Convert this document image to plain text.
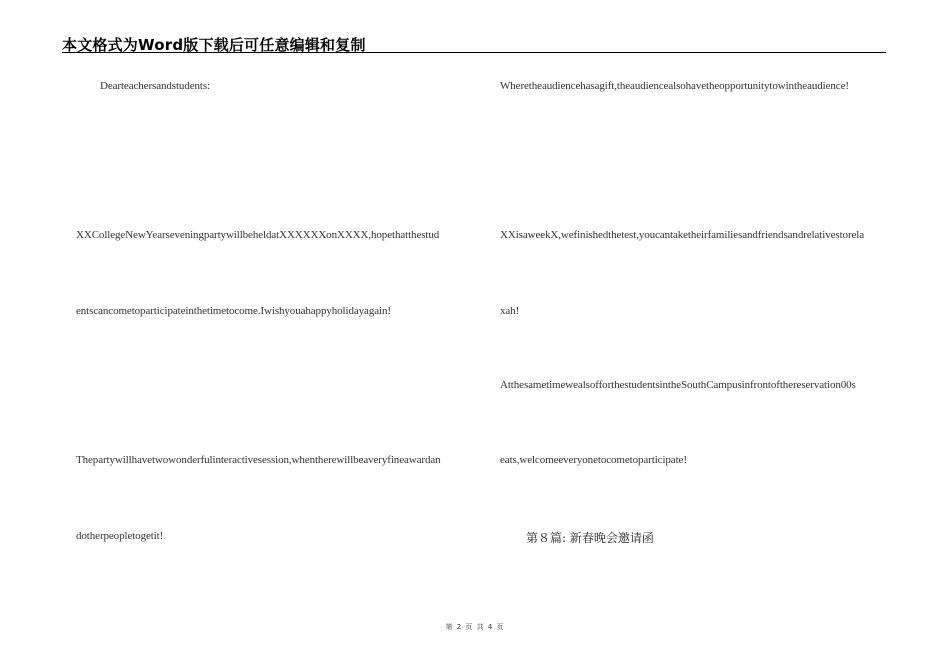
本文格式为Word版下载后可任意编辑和复制
Dearteachersandstudents:
XXCollegeNewYearseveningpartywillbeheldatXXXXXXonXXXX,hopethatthestud
entscancometoparticipateinthetimetocome.Iwishyouahappyholidayagain!
Thepartywillhavetwowonderfulinteractivesession,whentherewillbeaveryfineawardan
dotherpeopletogetit!
Wheretheaudiencehasagift,theaudiencealsohavetheopportunitytowintheaudience!
XXisaweekX,wefinishedthetest,youcantaketheirfamiliesandfriendsandrelativestorela
xah!
AtthesametimewealsofforthestudentsintheSouthCampusinfrontofthereservation00s
eats,welcomeeveryonetocometoparticipate!
第８篇: 新春晚会邀请函
第 2 页 共 4 页
